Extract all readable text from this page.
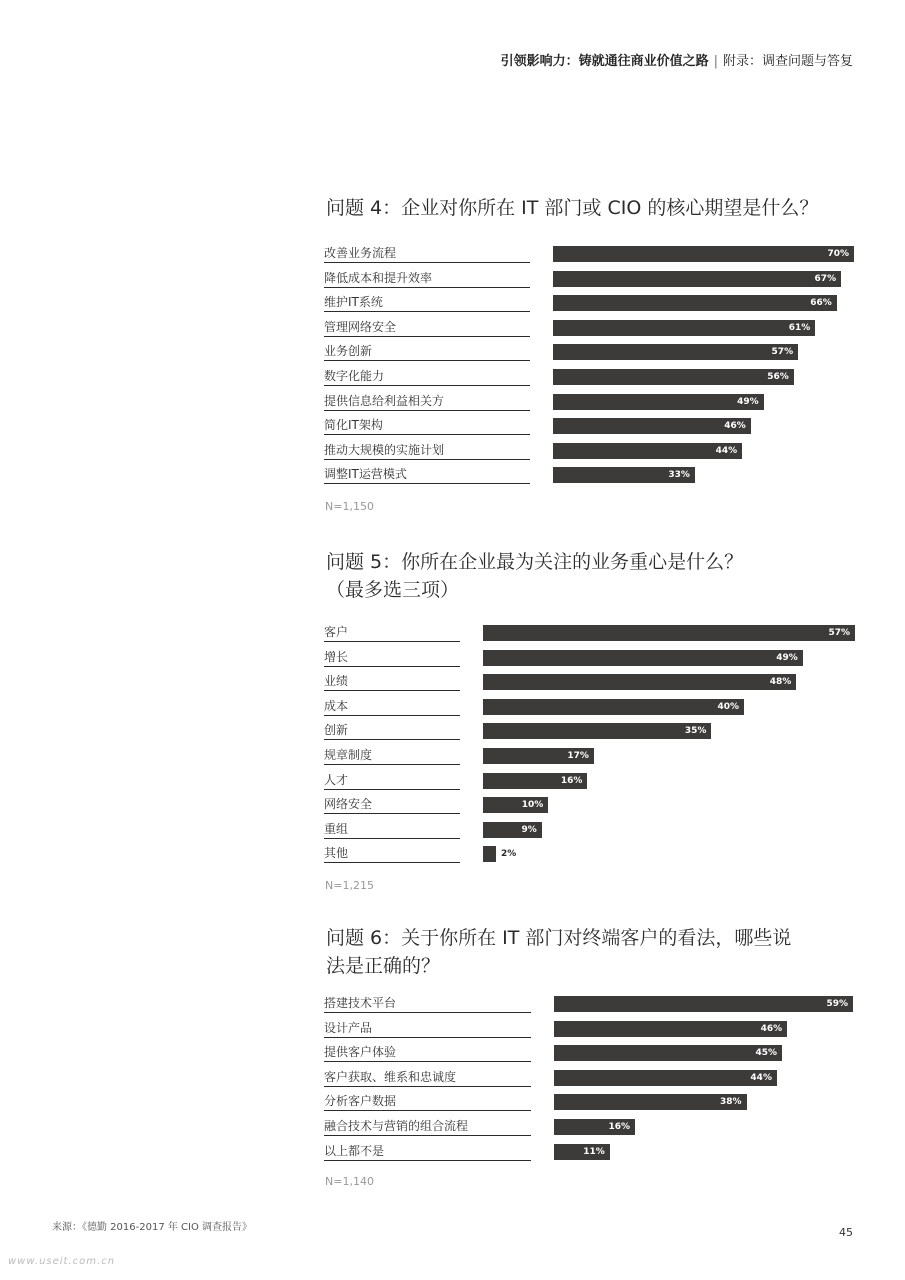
引领影响力：铸就通往商业价值之路 | 附录：调查问题与答复
问题 4：企业对你所在 IT 部门或 CIO 的核心期望是什么？
改善业务流程	70%
降低成本和提升效率	67%
维护IT系统	66%
管理网络安全	61%
业务创新	57%
数字化能力	56%
提供信息给利益相关方	49%
简化IT架构	46%
推动大规模的实施计划	44%
调整IT运营模式	33%
N=1,150
问题 5：你所在企业最为关注的业务重心是什么？
（最多选三项）
客户	57%
增长	49%
业绩	48%
成本	40%
创新	35%
规章制度	17%
人才	16%
网络安全	10%
重组	9%
其他	2%
N=1,215
问题 6：关于你所在 IT 部门对终端客户的看法，哪些说
法是正确的？
搭建技术平台	59%
设计产品	46%
提供客户体验	45%
客户获取、维系和忠诚度	44%
分析客户数据	38%
融合技术与营销的组合流程	16%
以上都不是	11%
N=1,140
来源：《德勤 2016-2017 年 CIO 调查报告》	45
www.useit.com.cn
